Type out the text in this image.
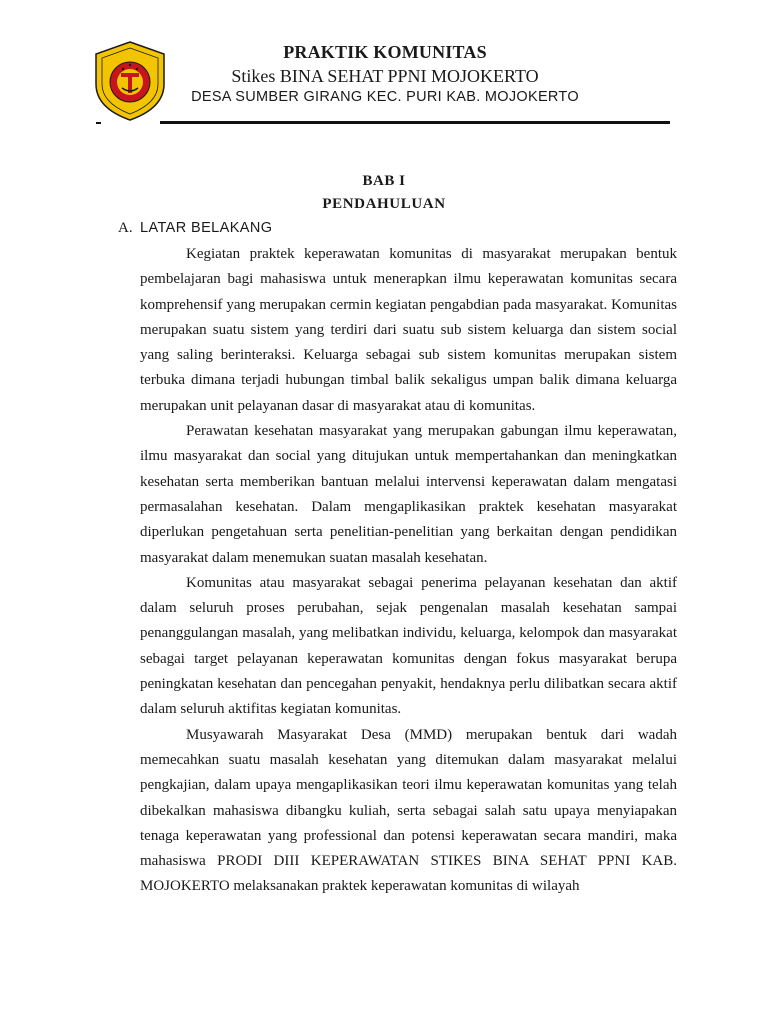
PRAKTIK KOMUNITAS
Stikes BINA SEHAT PPNI MOJOKERTO
DESA SUMBER GIRANG KEC. PURI KAB. MOJOKERTO
BAB I
PENDAHULUAN
A. LATAR BELAKANG

Kegiatan praktek keperawatan komunitas di masyarakat merupakan bentuk pembelajaran bagi mahasiswa untuk menerapkan ilmu keperawatan komunitas secara komprehensif yang merupakan cermin kegiatan pengabdian pada masyarakat. Komunitas merupakan suatu sistem yang terdiri dari suatu sub sistem keluarga dan sistem social yang saling berinteraksi. Keluarga sebagai sub sistem komunitas merupakan sistem terbuka dimana terjadi hubungan timbal balik sekaligus umpan balik dimana keluarga merupakan unit pelayanan dasar di masyarakat atau di komunitas.

Perawatan kesehatan masyarakat yang merupakan gabungan ilmu keperawatan, ilmu masyarakat dan social yang ditujukan untuk mempertahankan dan meningkatkan kesehatan serta memberikan bantuan melalui intervensi keperawatan dalam mengatasi permasalahan kesehatan. Dalam mengaplikasikan praktek kesehatan masyarakat diperlukan pengetahuan serta penelitian-penelitian yang berkaitan dengan pendidikan masyarakat dalam menemukan suatan masalah kesehatan.

Komunitas atau masyarakat sebagai penerima pelayanan kesehatan dan aktif dalam seluruh proses perubahan, sejak pengenalan masalah kesehatan sampai penanggulangan masalah, yang melibatkan individu, keluarga, kelompok dan masyarakat sebagai target pelayanan keperawatan komunitas dengan fokus masyarakat berupa peningkatan kesehatan dan pencegahan penyakit, hendaknya perlu dilibatkan secara aktif dalam seluruh aktifitas kegiatan komunitas.

Musyawarah Masyarakat Desa (MMD) merupakan bentuk dari wadah memecahkan suatu masalah kesehatan yang ditemukan dalam masyarakat melalui pengkajian, dalam upaya mengaplikasikan teori ilmu keperawatan komunitas yang telah dibekalkan mahasiswa dibangku kuliah, serta sebagai salah satu upaya menyiapakan tenaga keperawatan yang professional dan potensi keperawatan secara mandiri, maka mahasiswa PRODI DIII KEPERAWATAN STIKES BINA SEHAT PPNI KAB. MOJOKERTO melaksanakan praktek keperawatan komunitas di wilayah
